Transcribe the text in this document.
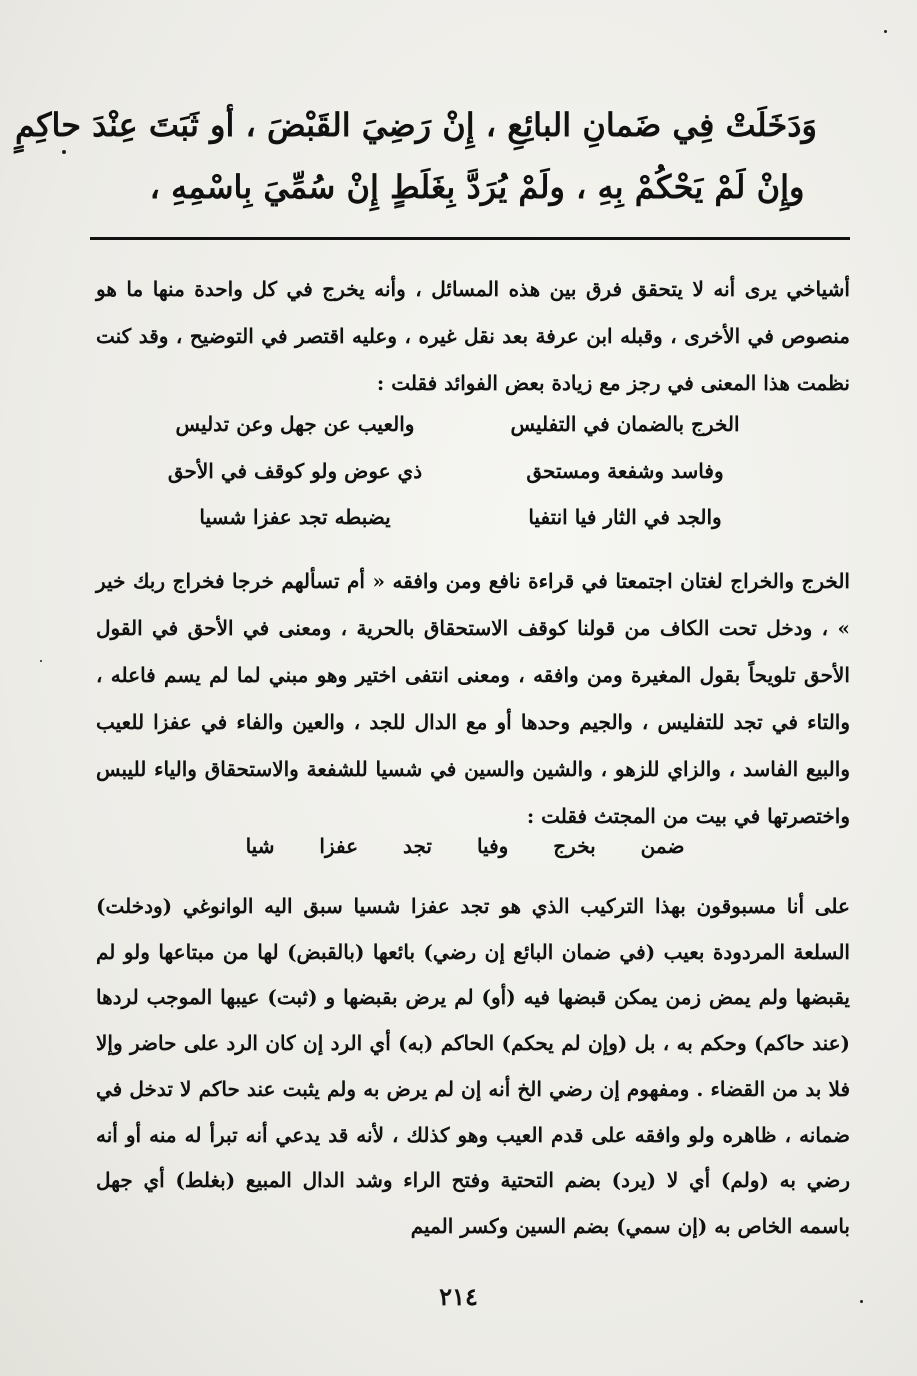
وَدَخَلَتْ فِي ضَمانِ البائِعِ ، إِنْ رَضِيَ القَبْضَ ، أو ثَبَتَ عِنْدَ حاكِمٍ
وإِنْ لَمْ يَحْكُمْ بِهِ ، ولَمْ يُرَدَّ بِغَلَطٍ إِنْ سُمِّيَ بِاسْمِهِ ،
أشياخي يرى أنه لا يتحقق فرق بين هذه المسائل ، وأنه يخرج في كل واحدة منها ما هو منصوص في الأخرى ، وقبله ابن عرفة بعد نقل غيره ، وعليه اقتصر في التوضيح ، وقد كنت نظمت هذا المعنى في رجز مع زيادة بعض الفوائد فقلت :
الخرج بالضمان في التفليس
والعيب عن جهل وعن تدليس
وفاسد وشفعة ومستحق
ذي عوض ولو كوقف في الأحق
والجد في الثار فيا انتفيا
يضبطه تجد عفزا شسيا
الخرج والخراج لغتان اجتمعتا في قراءة نافع ومن وافقه « أم تسألهم خرجا فخراج ربك خير » ، ودخل تحت الكاف من قولنا كوقف الاستحقاق بالحرية ، ومعنى في الأحق في القول الأحق تلويحاً بقول المغيرة ومن وافقه ، ومعنى انتفى اختير وهو مبني لما لم يسم فاعله ، والتاء في تجد للتفليس ، والجيم وحدها أو مع الدال للجد ، والعين والفاء في عفزا للعيب والبيع الفاسد ، والزاي للزهو ، والشين والسين في شسيا للشفعة والاستحقاق والياء لليبس واختصرتها في بيت من المجتث فقلت :
ضمن بخرج وفيا تجد عفزا شيا
على أنا مسبوقون بهذا التركيب الذي هو تجد عفزا شسيا سبق اليه الوانوغي (ودخلت) السلعة المردودة بعيب (في ضمان البائع إن رضي) بائعها (بالقبض) لها من مبتاعها ولو لم يقبضها ولم يمض زمن يمكن قبضها فيه (أو) لم يرض بقبضها و (ثبت) عيبها الموجب لردها (عند حاكم) وحكم به ، بل (وإن لم يحكم) الحاكم (به) أي الرد إن كان الرد على حاضر وإلا فلا بد من القضاء . ومفهوم إن رضي الخ أنه إن لم يرض به ولم يثبت عند حاكم لا تدخل في ضمانه ، ظاهره ولو وافقه على قدم العيب وهو كذلك ، لأنه قد يدعي أنه تبرأ له منه أو أنه رضي به (ولم) أي لا (يرد) بضم التحتية وفتح الراء وشد الدال المبيع (بغلط) أي جهل باسمه الخاص به (إن سمي) بضم السين وكسر الميم
٢١٤
